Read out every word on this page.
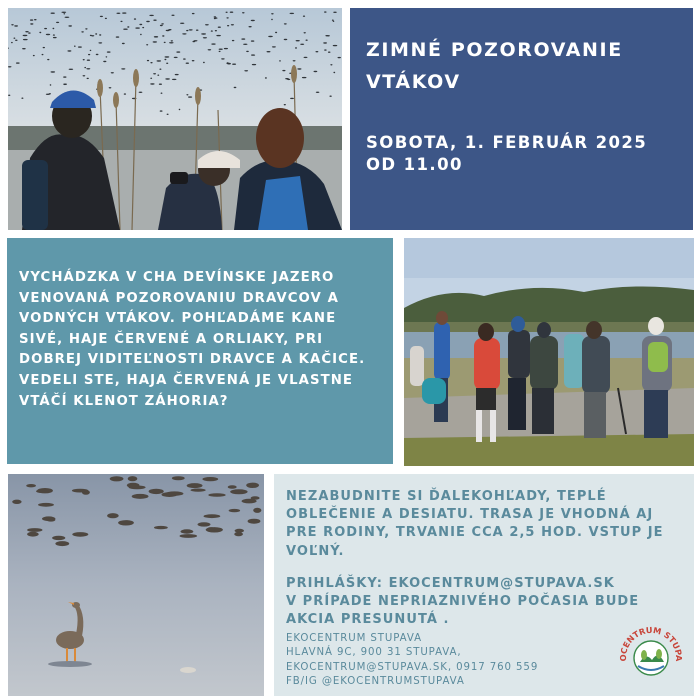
ZIMNÉ POZOROVANIE VTÁKOV
SOBOTA, 1. FEBRUÁR 2025
OD 11.00

VYCHÁDZKA V CHA DEVÍNSKE JAZERO VENOVANÁ POZOROVANIU DRAVCOV A VODNÝCH VTÁKOV. POHĽADÁME KANE SIVÉ, HAJE ČERVENÉ A ORLIAKY, PRI DOBREJ VIDITEĽNOSTI DRAVCE A KAČICE. VEDELI STE, HAJA ČERVENÁ JE VLASTNE VTÁČÍ KLENOT ZÁHORIA?

NEZABUDNITE SI ĎALEKOHĽADY, TEPLÉ OBLEČENIE A DESIATU. TRASA JE VHODNÁ AJ PRE RODINY, TRVANIE CCA 2,5 HOD. VSTUP JE VOĽNÝ.

PRIHLÁŠKY: EKOCENTRUM@STUPAVA.SK
V PRÍPADE NEPRIAZNIVÉHO POČASIA BUDE AKCIA PRESUNUTÁ .
EKOCENTRUM STUPAVA
HLAVNÁ 9C, 900 31 STUPAVA,
EKOCENTRUM@STUPAVA.SK, 0917 760 559
FB/IG @EKOCENTRUMSTUPAVA
OCENTRUM STUPA
